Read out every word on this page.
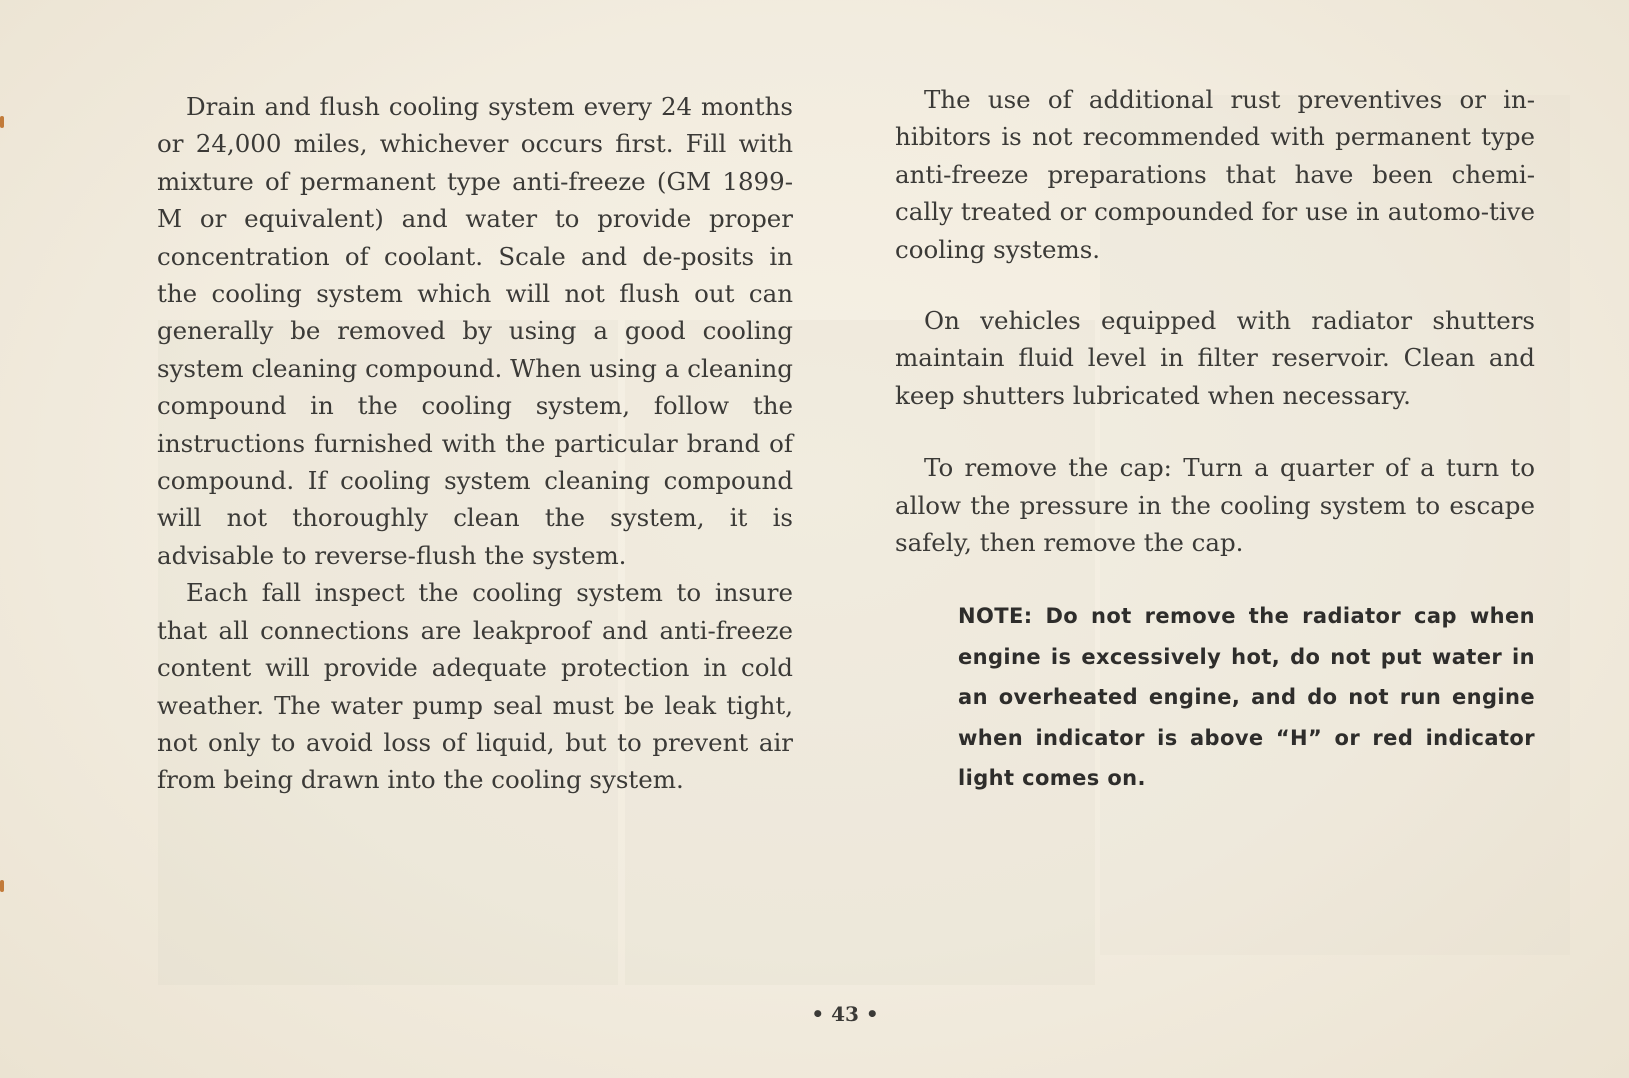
Drain and flush cooling system every 24 months or 24,000 miles, whichever occurs first. Fill with mixture of permanent type anti-freeze (GM 1899-M or equivalent) and water to provide proper concentration of coolant. Scale and de-posits in the cooling system which will not flush out can generally be removed by using a good cooling system cleaning compound. When using a cleaning compound in the cooling system, follow the instructions furnished with the particular brand of compound. If cooling system cleaning compound will not thoroughly clean the system, it is advisable to reverse-flush the system.

Each fall inspect the cooling system to insure that all connections are leakproof and anti-freeze content will provide adequate protection in cold weather. The water pump seal must be leak tight, not only to avoid loss of liquid, but to prevent air from being drawn into the cooling system.

The use of additional rust preventives or in-hibitors is not recommended with permanent type anti-freeze preparations that have been chemi-cally treated or compounded for use in automo-tive cooling systems.

On vehicles equipped with radiator shutters maintain fluid level in filter reservoir. Clean and keep shutters lubricated when necessary.

To remove the cap: Turn a quarter of a turn to allow the pressure in the cooling system to escape safely, then remove the cap.

NOTE: Do not remove the radiator cap when engine is excessively hot, do not put water in an overheated engine, and do not run engine when indicator is above “H” or red indicator light comes on.

• 43 •
